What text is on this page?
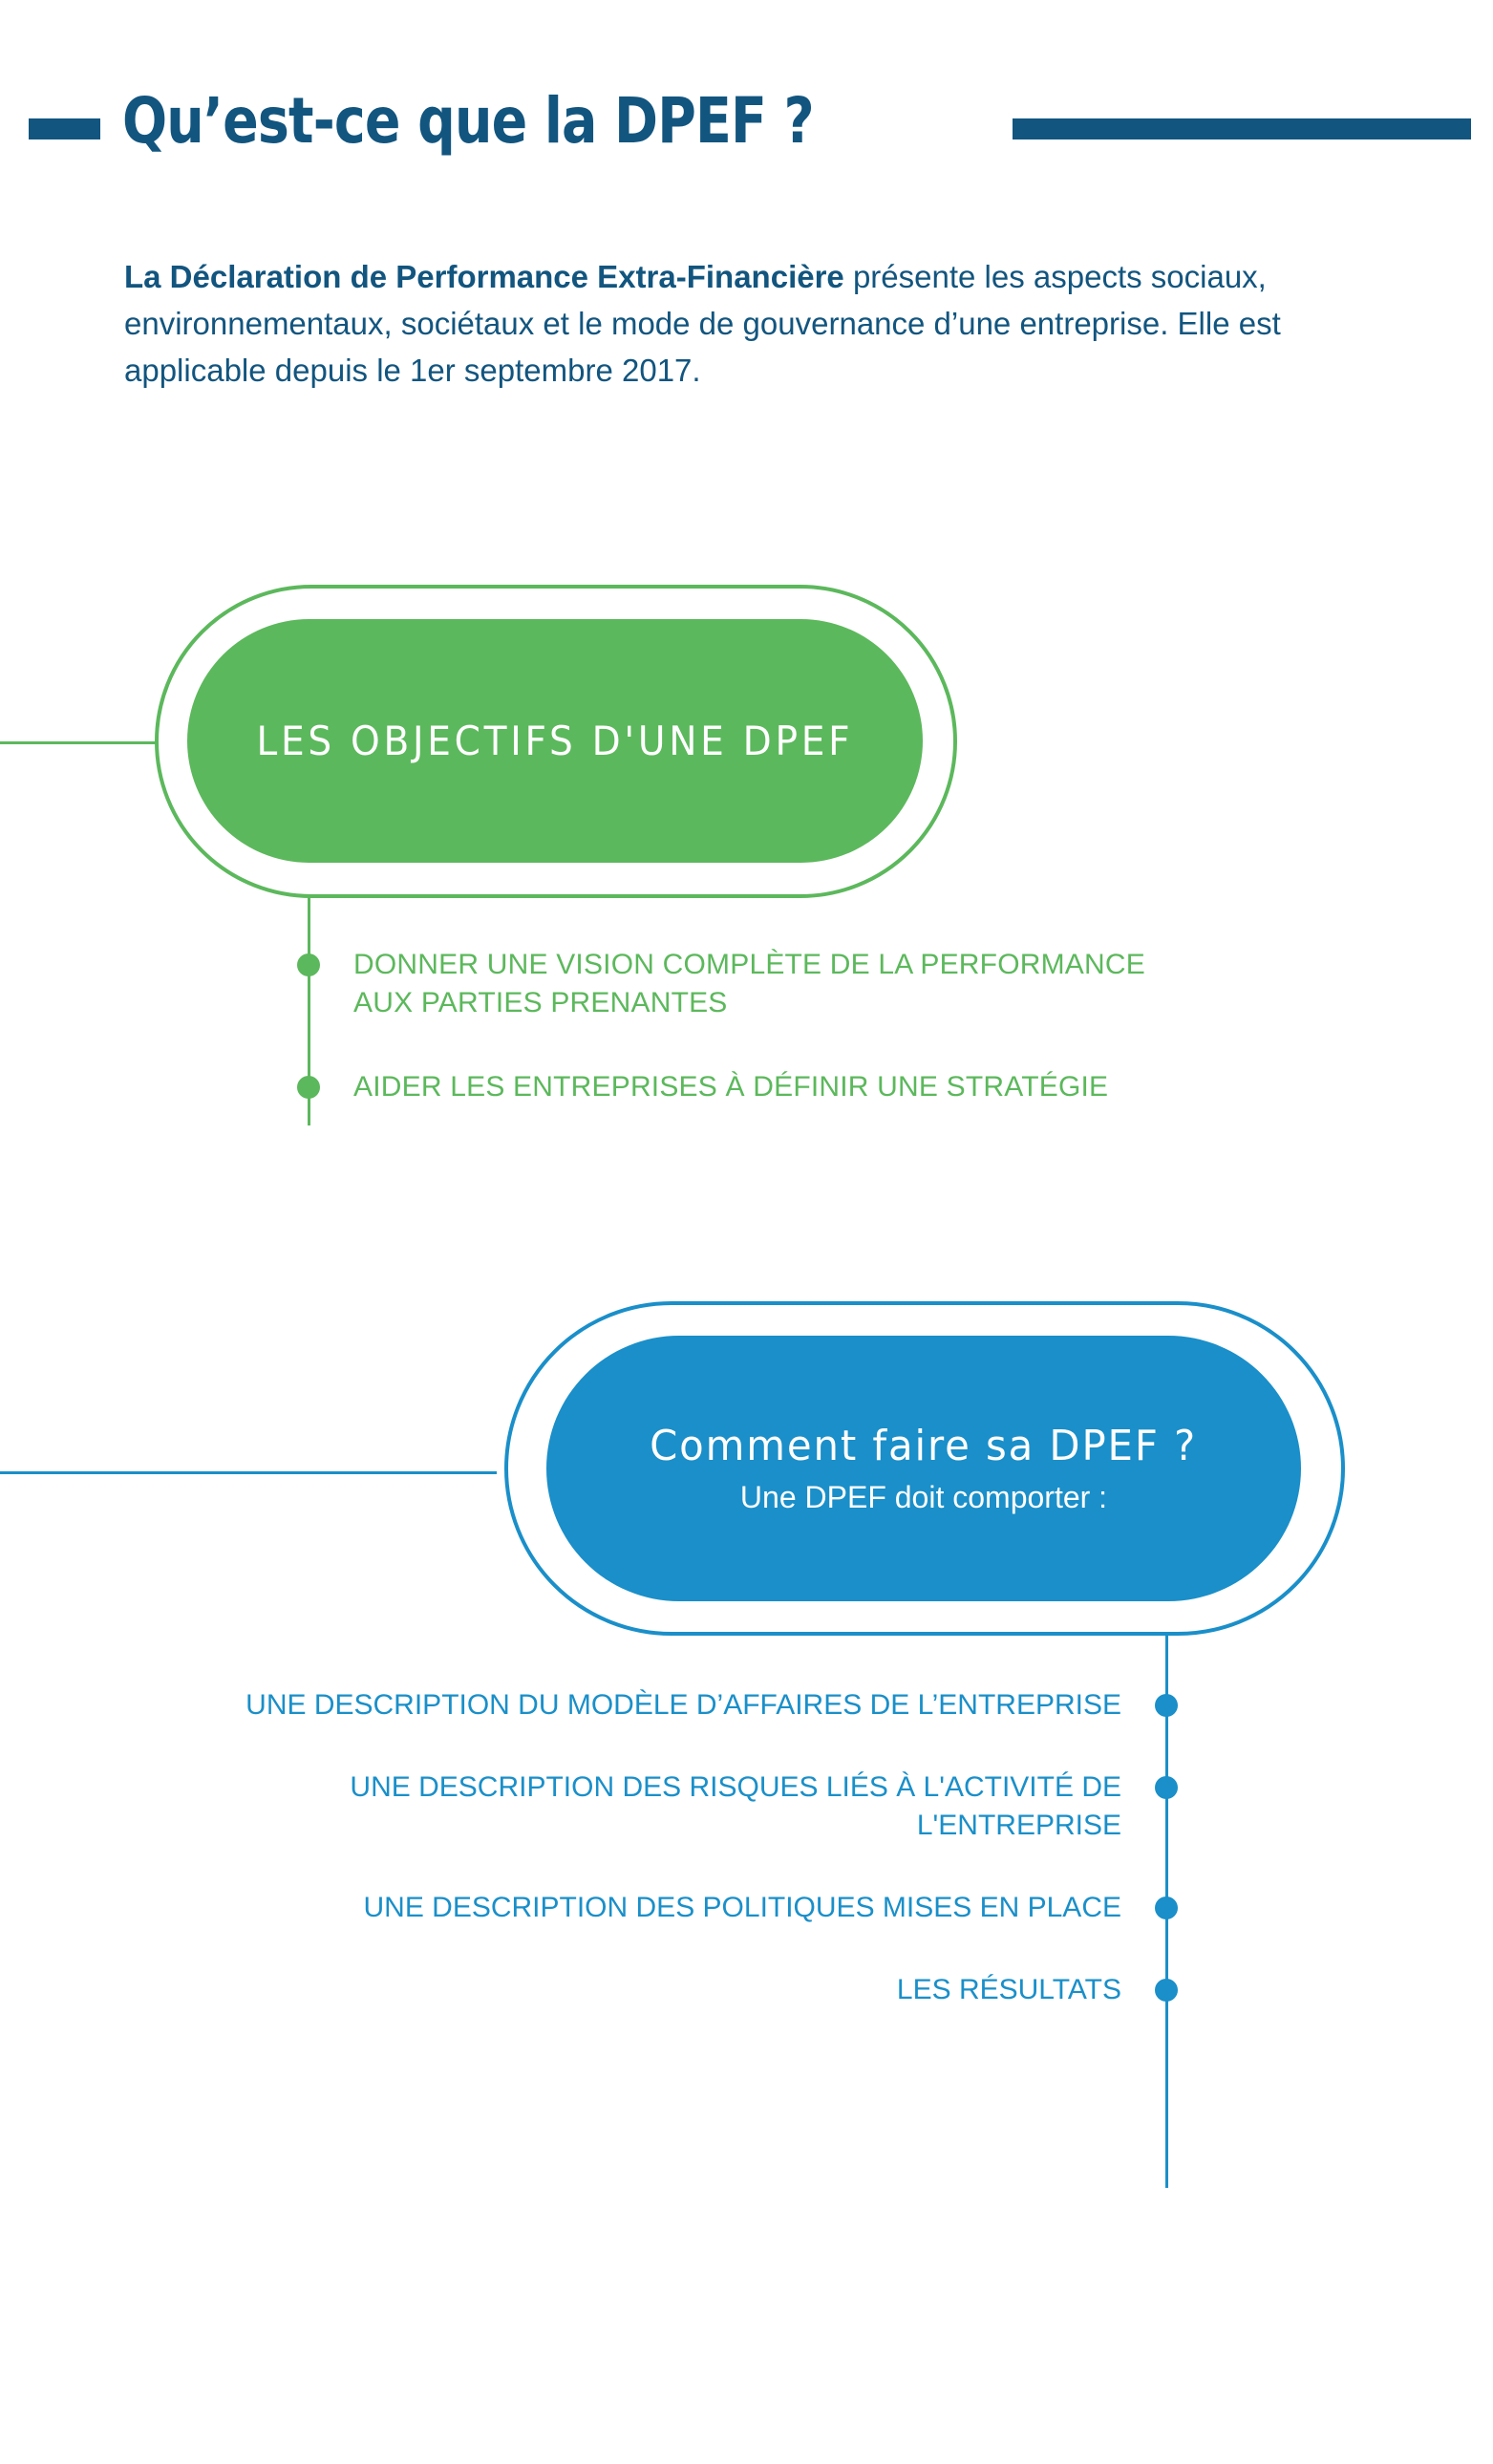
Qu’est-ce que la DPEF ?

La Déclaration de Performance Extra-Financière présente les aspects sociaux, environnementaux, sociétaux et le mode de gouvernance d’une entreprise. Elle est applicable depuis le 1er septembre 2017.

LES OBJECTIFS D'UNE DPEF
DONNER UNE VISION COMPLÈTE DE LA PERFORMANCE AUX PARTIES PRENANTES
AIDER LES ENTREPRISES À DÉFINIR UNE STRATÉGIE
Comment faire sa DPEF ?
Une DPEF doit comporter :
UNE DESCRIPTION DU MODÈLE D’AFFAIRES DE L’ENTREPRISE
UNE DESCRIPTION DES RISQUES LIÉS À L'ACTIVITÉ DE L'ENTREPRISE
UNE DESCRIPTION DES POLITIQUES MISES EN PLACE
LES RÉSULTATS
